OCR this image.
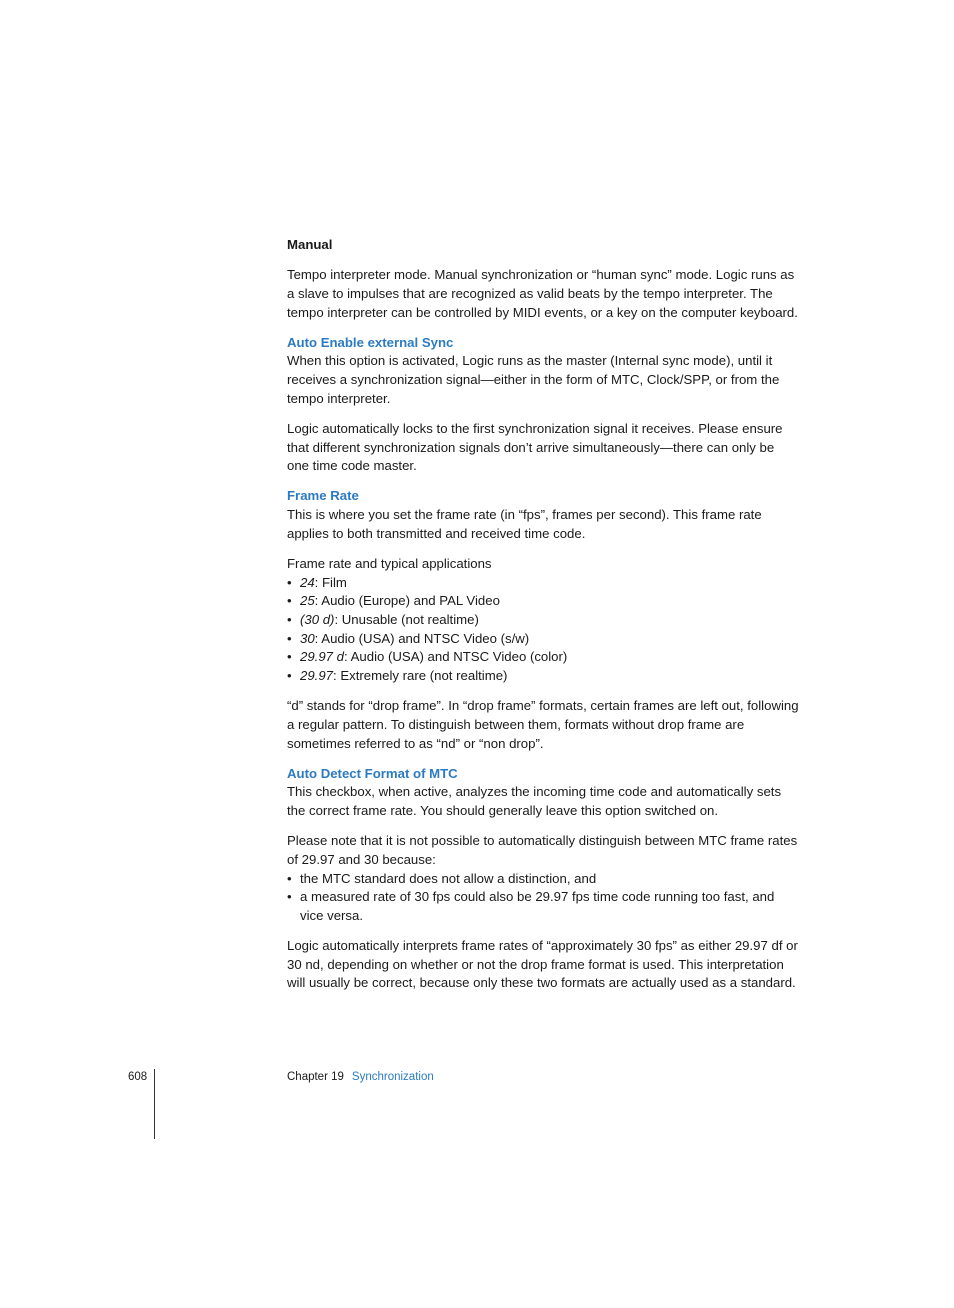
Manual

Tempo interpreter mode. Manual synchronization or “human sync” mode. Logic runs as a slave to impulses that are recognized as valid beats by the tempo interpreter. The tempo interpreter can be controlled by MIDI events, or a key on the computer keyboard.

Auto Enable external Sync

When this option is activated, Logic runs as the master (Internal sync mode), until it receives a synchronization signal—either in the form of MTC, Clock/SPP, or from the tempo interpreter.

Logic automatically locks to the first synchronization signal it receives. Please ensure that different synchronization signals don’t arrive simultaneously—there can only be one time code master.

Frame Rate

This is where you set the frame rate (in “fps”, frames per second). This frame rate applies to both transmitted and received time code.

Frame rate and typical applications

• 24: Film
• 25: Audio (Europe) and PAL Video
• (30 d): Unusable (not realtime)
• 30: Audio (USA) and NTSC Video (s/w)
• 29.97 d: Audio (USA) and NTSC Video (color)
• 29.97: Extremely rare (not realtime)

“d” stands for “drop frame”. In “drop frame” formats, certain frames are left out, following a regular pattern. To distinguish between them, formats without drop frame are sometimes referred to as “nd” or “non drop”.

Auto Detect Format of MTC

This checkbox, when active, analyzes the incoming time code and automatically sets the correct frame rate. You should generally leave this option switched on.

Please note that it is not possible to automatically distinguish between MTC frame rates of 29.97 and 30 because:

• the MTC standard does not allow a distinction, and
• a measured rate of 30 fps could also be 29.97 fps time code running too fast, and vice versa.

Logic automatically interprets frame rates of “approximately 30 fps” as either 29.97 df or 30 nd, depending on whether or not the drop frame format is used. This interpretation will usually be correct, because only these two formats are actually used as a standard.

608	Chapter 19 Synchronization
